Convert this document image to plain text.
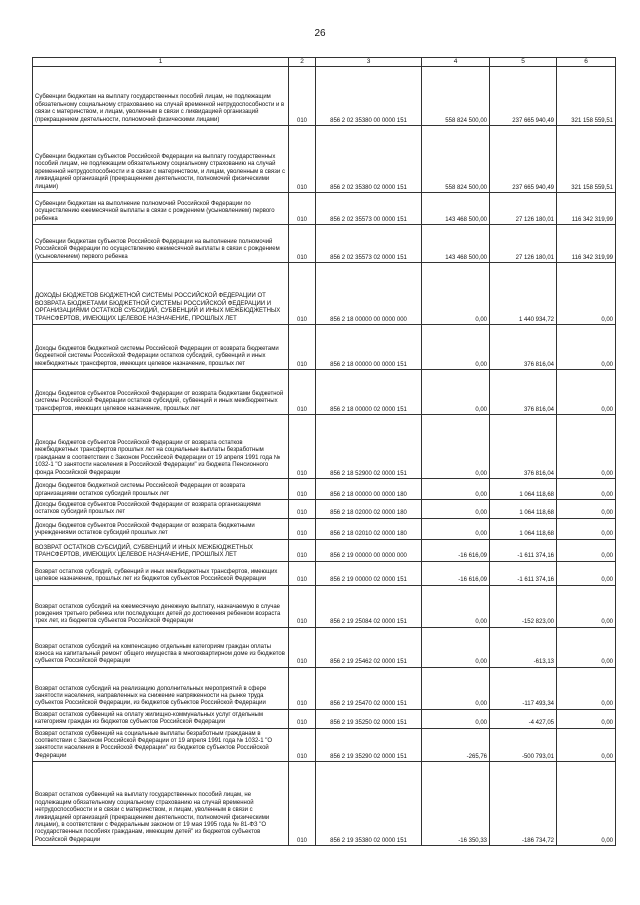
26
1	2	3	4	5	6

Субвенции бюджетам на выплату государственных пособий лицам, не подлежащим обязательному социальному страхованию на случай временной нетрудоспособности и в связи с материнством, и лицам, уволенным в связи с ликвидацией организаций (прекращением деятельности, полномочий физическими лицами)	010	856 2 02 35380 00 0000 151	558 824 500,00	237 665 940,49	321 158 559,51

Субвенции бюджетам субъектов Российской Федерации на выплату государственных пособий лицам, не подлежащим обязательному социальному страхованию на случай временной нетрудоспособности и в связи с материнством, и лицам, уволенным в связи с ликвидацией организаций (прекращением деятельности, полномочий физическими лицами)	010	856 2 02 35380 02 0000 151	558 824 500,00	237 665 940,49	321 158 559,51

Субвенции бюджетам на выполнение полномочий Российской Федерации по осуществлению ежемесячной выплаты в связи с рождением (усыновлением) первого ребенка	010	856 2 02 35573 00 0000 151	143 468 500,00	27 126 180,01	116 342 319,99

Субвенции бюджетам субъектов Российской Федерации на выполнение полномочий Российской Федерации по осуществлению ежемесячной выплаты в связи с рождением (усыновлением) первого ребенка	010	856 2 02 35573 02 0000 151	143 468 500,00	27 126 180,01	116 342 319,99

ДОХОДЫ БЮДЖЕТОВ БЮДЖЕТНОЙ СИСТЕМЫ РОССИЙСКОЙ ФЕДЕРАЦИИ ОТ ВОЗВРАТА БЮДЖЕТАМИ БЮДЖЕТНОЙ СИСТЕМЫ РОССИЙСКОЙ ФЕДЕРАЦИИ И ОРГАНИЗАЦИЯМИ ОСТАТКОВ СУБСИДИЙ, СУБВЕНЦИЙ И ИНЫХ МЕЖБЮДЖЕТНЫХ ТРАНСФЕРТОВ, ИМЕЮЩИХ ЦЕЛЕВОЕ НАЗНАЧЕНИЕ, ПРОШЛЫХ ЛЕТ	010	856 2 18 00000 00 0000 000	0,00	1 440 934,72	0,00

Доходы бюджетов бюджетной системы Российской Федерации от возврата бюджетами бюджетной системы Российской Федерации остатков субсидий, субвенций и иных межбюджетных трансфертов, имеющих целевое назначение, прошлых лет	010	856 2 18 00000 00 0000 151	0,00	376 816,04	0,00

Доходы бюджетов субъектов Российской Федерации от возврата бюджетами бюджетной системы Российской Федерации остатков субсидий, субвенций и иных межбюджетных трансфертов, имеющих целевое назначение, прошлых лет	010	856 2 18 00000 02 0000 151	0,00	376 816,04	0,00

Доходы бюджетов субъектов Российской Федерации от возврата остатков межбюджетных трансфертов прошлых лет на социальные выплаты безработным гражданам в соответствии с Законом Российской Федерации от 19 апреля 1991 года № 1032-1 "О занятости населения в Российской Федерации" из бюджета Пенсионного фонда Российской Федерации	010	856 2 18 52900 02 0000 151	0,00	376 816,04	0,00

Доходы бюджетов бюджетной системы Российской Федерации от возврата организациями остатков субсидий прошлых лет	010	856 2 18 00000 00 0000 180	0,00	1 064 118,68	0,00

Доходы бюджетов субъектов Российской Федерации от возврата организациями остатков субсидий прошлых лет	010	856 2 18 02000 02 0000 180	0,00	1 064 118,68	0,00

Доходы бюджетов субъектов Российской Федерации от возврата бюджетными учреждениями остатков субсидий прошлых лет	010	856 2 18 02010 02 0000 180	0,00	1 064 118,68	0,00

ВОЗВРАТ ОСТАТКОВ СУБСИДИЙ, СУБВЕНЦИЙ И ИНЫХ МЕЖБЮДЖЕТНЫХ ТРАНСФЕРТОВ, ИМЕЮЩИХ ЦЕЛЕВОЕ НАЗНАЧЕНИЕ, ПРОШЛЫХ ЛЕТ	010	856 2 19 00000 00 0000 000	-16 616,09	-1 611 374,16	0,00

Возврат остатков субсидий, субвенций и иных межбюджетных трансфертов, имеющих целевое назначение, прошлых лет из бюджетов субъектов Российской Федерации	010	856 2 19 00000 02 0000 151	-16 616,09	-1 611 374,16	0,00

Возврат остатков субсидий на ежемесячную денежную выплату, назначаемую в случае рождения третьего ребенка или последующих детей до достижения ребенком возраста трех лет, из бюджетов субъектов Российской Федерации	010	856 2 19 25084 02 0000 151	0,00	-152 823,00	0,00

Возврат остатков субсидий на компенсацию отдельным категориям граждан оплаты взноса на капитальный ремонт общего имущества в многоквартирном доме из бюджетов субъектов Российской Федерации	010	856 2 19 25462 02 0000 151	0,00	-613,13	0,00

Возврат остатков субсидий на реализацию дополнительных мероприятий в сфере занятости населения, направленных на снижение напряженности на рынке труда субъектов Российской Федерации, из бюджетов субъектов Российской Федерации	010	856 2 19 25470 02 0000 151	0,00	-117 493,34	0,00

Возврат остатков субвенций на оплату жилищно-коммунальных услуг отдельным категориям граждан из бюджетов субъектов Российской Федерации	010	856 2 19 35250 02 0000 151	0,00	-4 427,05	0,00

Возврат остатков субвенций на социальные выплаты безработным гражданам в соответствии с Законом Российской Федерации от 19 апреля 1991 года № 1032-1 "О занятости населения в Российской Федерации" из бюджетов субъектов Российской Федерации	010	856 2 19 35290 02 0000 151	-265,76	-500 793,01	0,00

Возврат остатков субвенций на выплату государственных пособий лицам, не подлежащим обязательному социальному страхованию на случай временной нетрудоспособности и в связи с материнством, и лицам, уволенным в связи с ликвидацией организаций (прекращением деятельности, полномочий физическими лицами), в соответствии с Федеральным законом от 19 мая 1995 года № 81-ФЗ "О государственных пособиях гражданам, имеющим детей" из бюджетов субъектов Российской Федерации	010	856 2 19 35380 02 0000 151	-16 350,33	-186 734,72	0,00
